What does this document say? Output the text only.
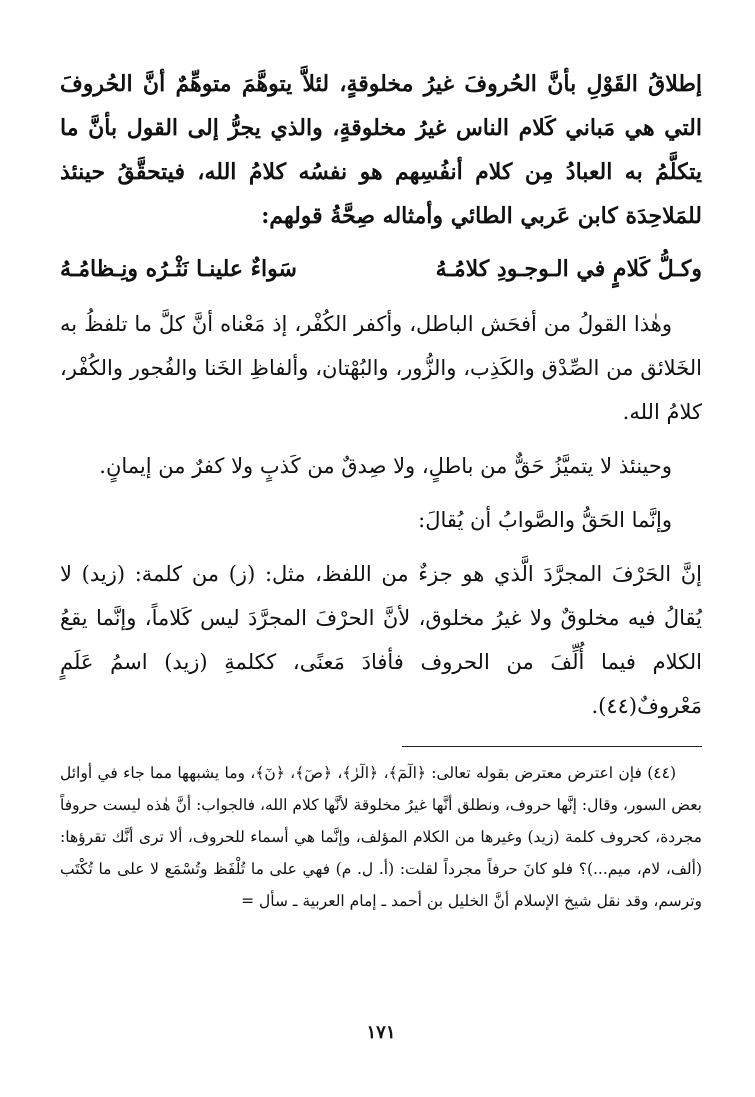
إطلاقُ القَوْلِ بأنَّ الحُروفَ غيرُ مخلوقةٍ، لئلاَّ يتوهَّمَ متوهِّمٌ أنَّ الحُروفَ التي هي مَباني كَلام الناس غيرُ مخلوقةٍ، والذي يجرُّ إلى القول بأنَّ ما يتكلَّمُ به العبادُ مِن كلام أنفُسِهم هو نفسُه كلامُ الله، فيتحقَّقُ حينئذ للمَلاحِدَة كابن عَربي الطائي وأمثاله صِحَّةُ قولهم:

وكـلُّ كَلامٍ في الـوجـودِ كلامُـهُ
سَواءٌ علينـا نَثْـرُه ونِـظامُـهُ

وهٰذا القولُ من أفحَش الباطل، وأكفر الكُفْر، إذ مَعْناه أنَّ كلَّ ما تلفظُ به الخَلائق من الصِّدْق والكَذِب، والزُّور، والبُهْتان، وألفاظِ الخَنا والفُجور والكُفْر، كلامُ الله.

وحينئذ لا يتميَّزُ حَقٌّ من باطلٍ، ولا صِدقٌ من كَذبٍ ولا كفرٌ من إيمانٍ.

وإنَّما الحَقُّ والصَّوابُ أن يُقالَ:

إنَّ الحَرْفَ المجرَّدَ الَّذي هو جزءٌ من اللفظ، مثل: (ز) من كلمة: (زيد) لا يُقالُ فيه مخلوقٌ ولا غيرُ مخلوق، لأنَّ الحرْفَ المجرَّدَ ليس كَلاماً، وإنَّما يقعُ الكلام فيما أُلِّفَ من الحروف فأفادَ مَعنًى، ككلمةِ (زيد) اسمُ عَلَمٍ مَعْروفٌ(٤٤).

(٤٤) فإن اعترض معترض بقوله تعالى: ﴿الٓمٓ﴾، ﴿الٓرٰ﴾، ﴿صٓ﴾، ﴿نٓ﴾، وما يشبهها مما جاء في أوائل بعض السور، وقال: إنَّها حروف، ونطلق أنَّها غيرُ مخلوقة لأنَّها كلام الله، فالجواب: أنَّ هٰذه ليست حروفاً مجردة، كحروف كلمة (زيد) وغيرها من الكلام المؤلف، وإنَّما هي أسماء للحروف، ألا ترى أنَّك تقرؤها: (ألف، لام، ميم...)؟ فلو كانَ حرفاً مجرداً لقلت: (أ. ل. م) فهي على ما تُلْفَظ وتُسْمَع لا على ما تُكْتَب وترسم، وقد نقل شيخ الإسلام أنَّ الخليل بن أحمد ـ إمام العربية ـ سأل =

١٧١
